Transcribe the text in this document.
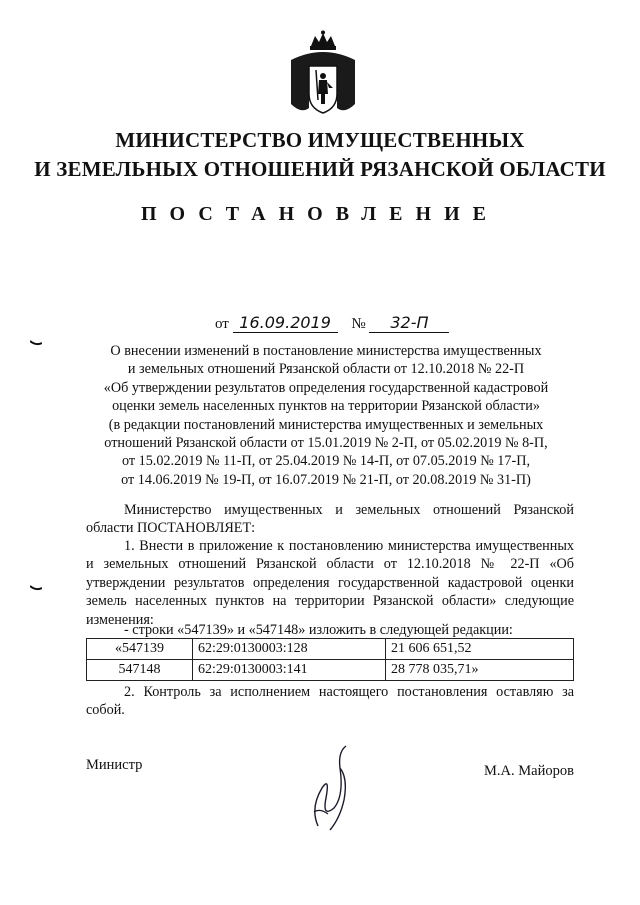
МИНИСТЕРСТВО ИМУЩЕСТВЕННЫХ
И ЗЕМЕЛЬНЫХ ОТНОШЕНИЙ РЯЗАНСКОЙ ОБЛАСТИ
ПОСТАНОВЛЕНИЕ
от 16.09.2019 № 32-П
О внесении изменений в постановление министерства имущественных
и земельных отношений Рязанской области от 12.10.2018 № 22-П
«Об утверждении результатов определения государственной кадастровой
оценки земель населенных пунктов на территории Рязанской области»
(в редакции постановлений министерства имущественных и земельных
отношений Рязанской области от 15.01.2019 № 2-П, от 05.02.2019 № 8-П,
от 15.02.2019 № 11-П, от 25.04.2019 № 14-П, от 07.05.2019 № 17-П,
от 14.06.2019 № 19-П, от 16.07.2019 № 21-П, от 20.08.2019 № 31-П)
Министерство имущественных и земельных отношений Рязанской области ПОСТАНОВЛЯЕТ:
1. Внести в приложение к постановлению министерства имущественных и земельных отношений Рязанской области от 12.10.2018 № 22-П «Об утверждении результатов определения государственной кадастровой оценки земель населенных пунктов на территории Рязанской области» следующие изменения:
- строки «547139» и «547148» изложить в следующей редакции:
«547139	62:29:0130003:128	21 606 651,52
547148	62:29:0130003:141	28 778 035,71»
2. Контроль за исполнением настоящего постановления оставляю за собой.
Министр	М.А. Майоров
